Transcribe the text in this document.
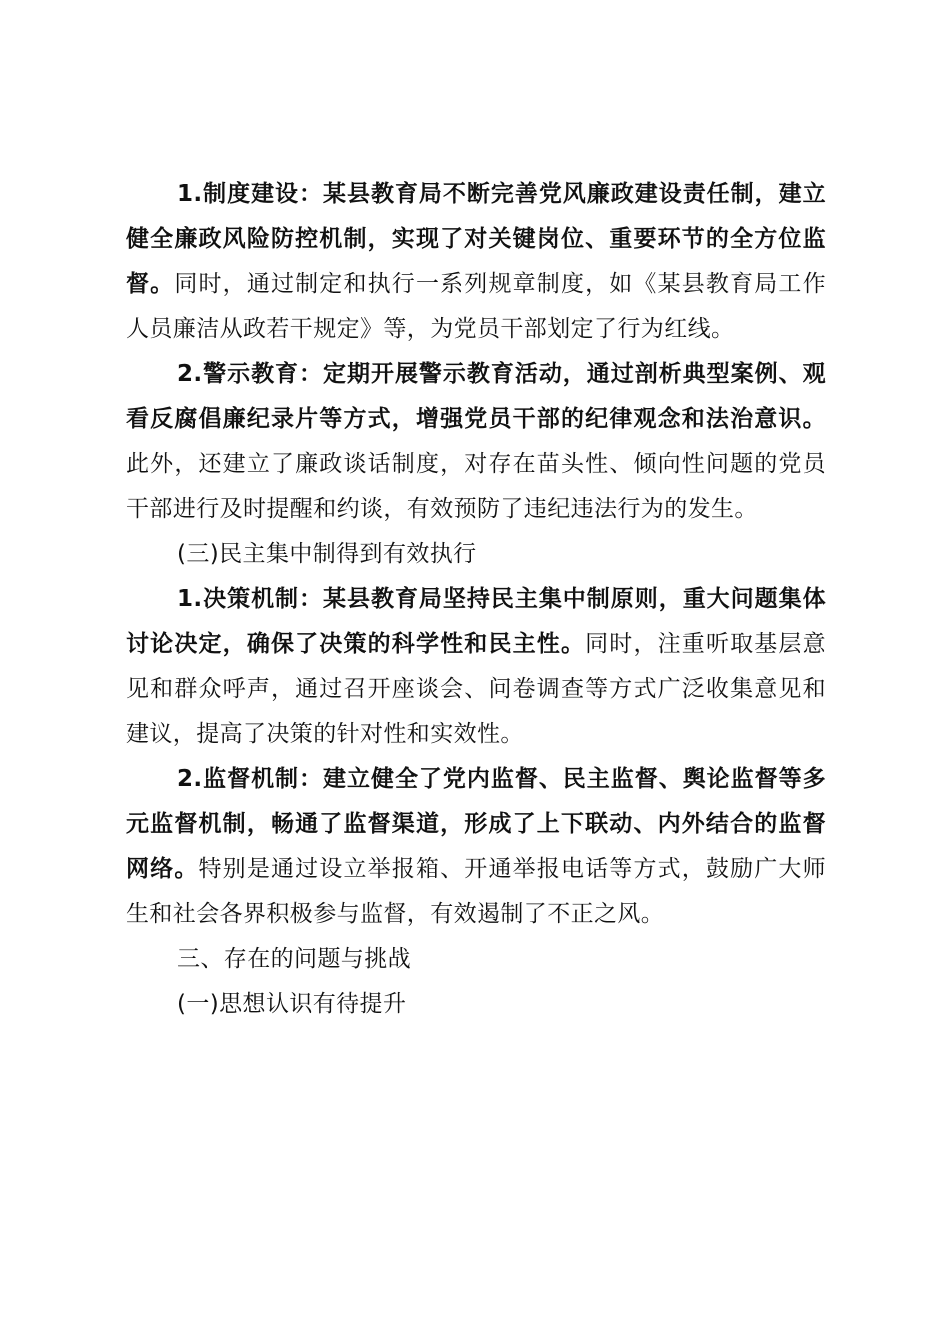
1.制度建设：某县教育局不断完善党风廉政建设责任制，建立健全廉政风险防控机制，实现了对关键岗位、重要环节的全方位监督。同时，通过制定和执行一系列规章制度，如《某县教育局工作人员廉洁从政若干规定》等，为党员干部划定了行为红线。

2.警示教育：定期开展警示教育活动，通过剖析典型案例、观看反腐倡廉纪录片等方式，增强党员干部的纪律观念和法治意识。此外，还建立了廉政谈话制度，对存在苗头性、倾向性问题的党员干部进行及时提醒和约谈，有效预防了违纪违法行为的发生。

(三)民主集中制得到有效执行

1.决策机制：某县教育局坚持民主集中制原则，重大问题集体讨论决定，确保了决策的科学性和民主性。同时，注重听取基层意见和群众呼声，通过召开座谈会、问卷调查等方式广泛收集意见和建议，提高了决策的针对性和实效性。

2.监督机制：建立健全了党内监督、民主监督、舆论监督等多元监督机制，畅通了监督渠道，形成了上下联动、内外结合的监督网络。特别是通过设立举报箱、开通举报电话等方式，鼓励广大师生和社会各界积极参与监督，有效遏制了不正之风。

三、存在的问题与挑战

(一)思想认识有待提升
